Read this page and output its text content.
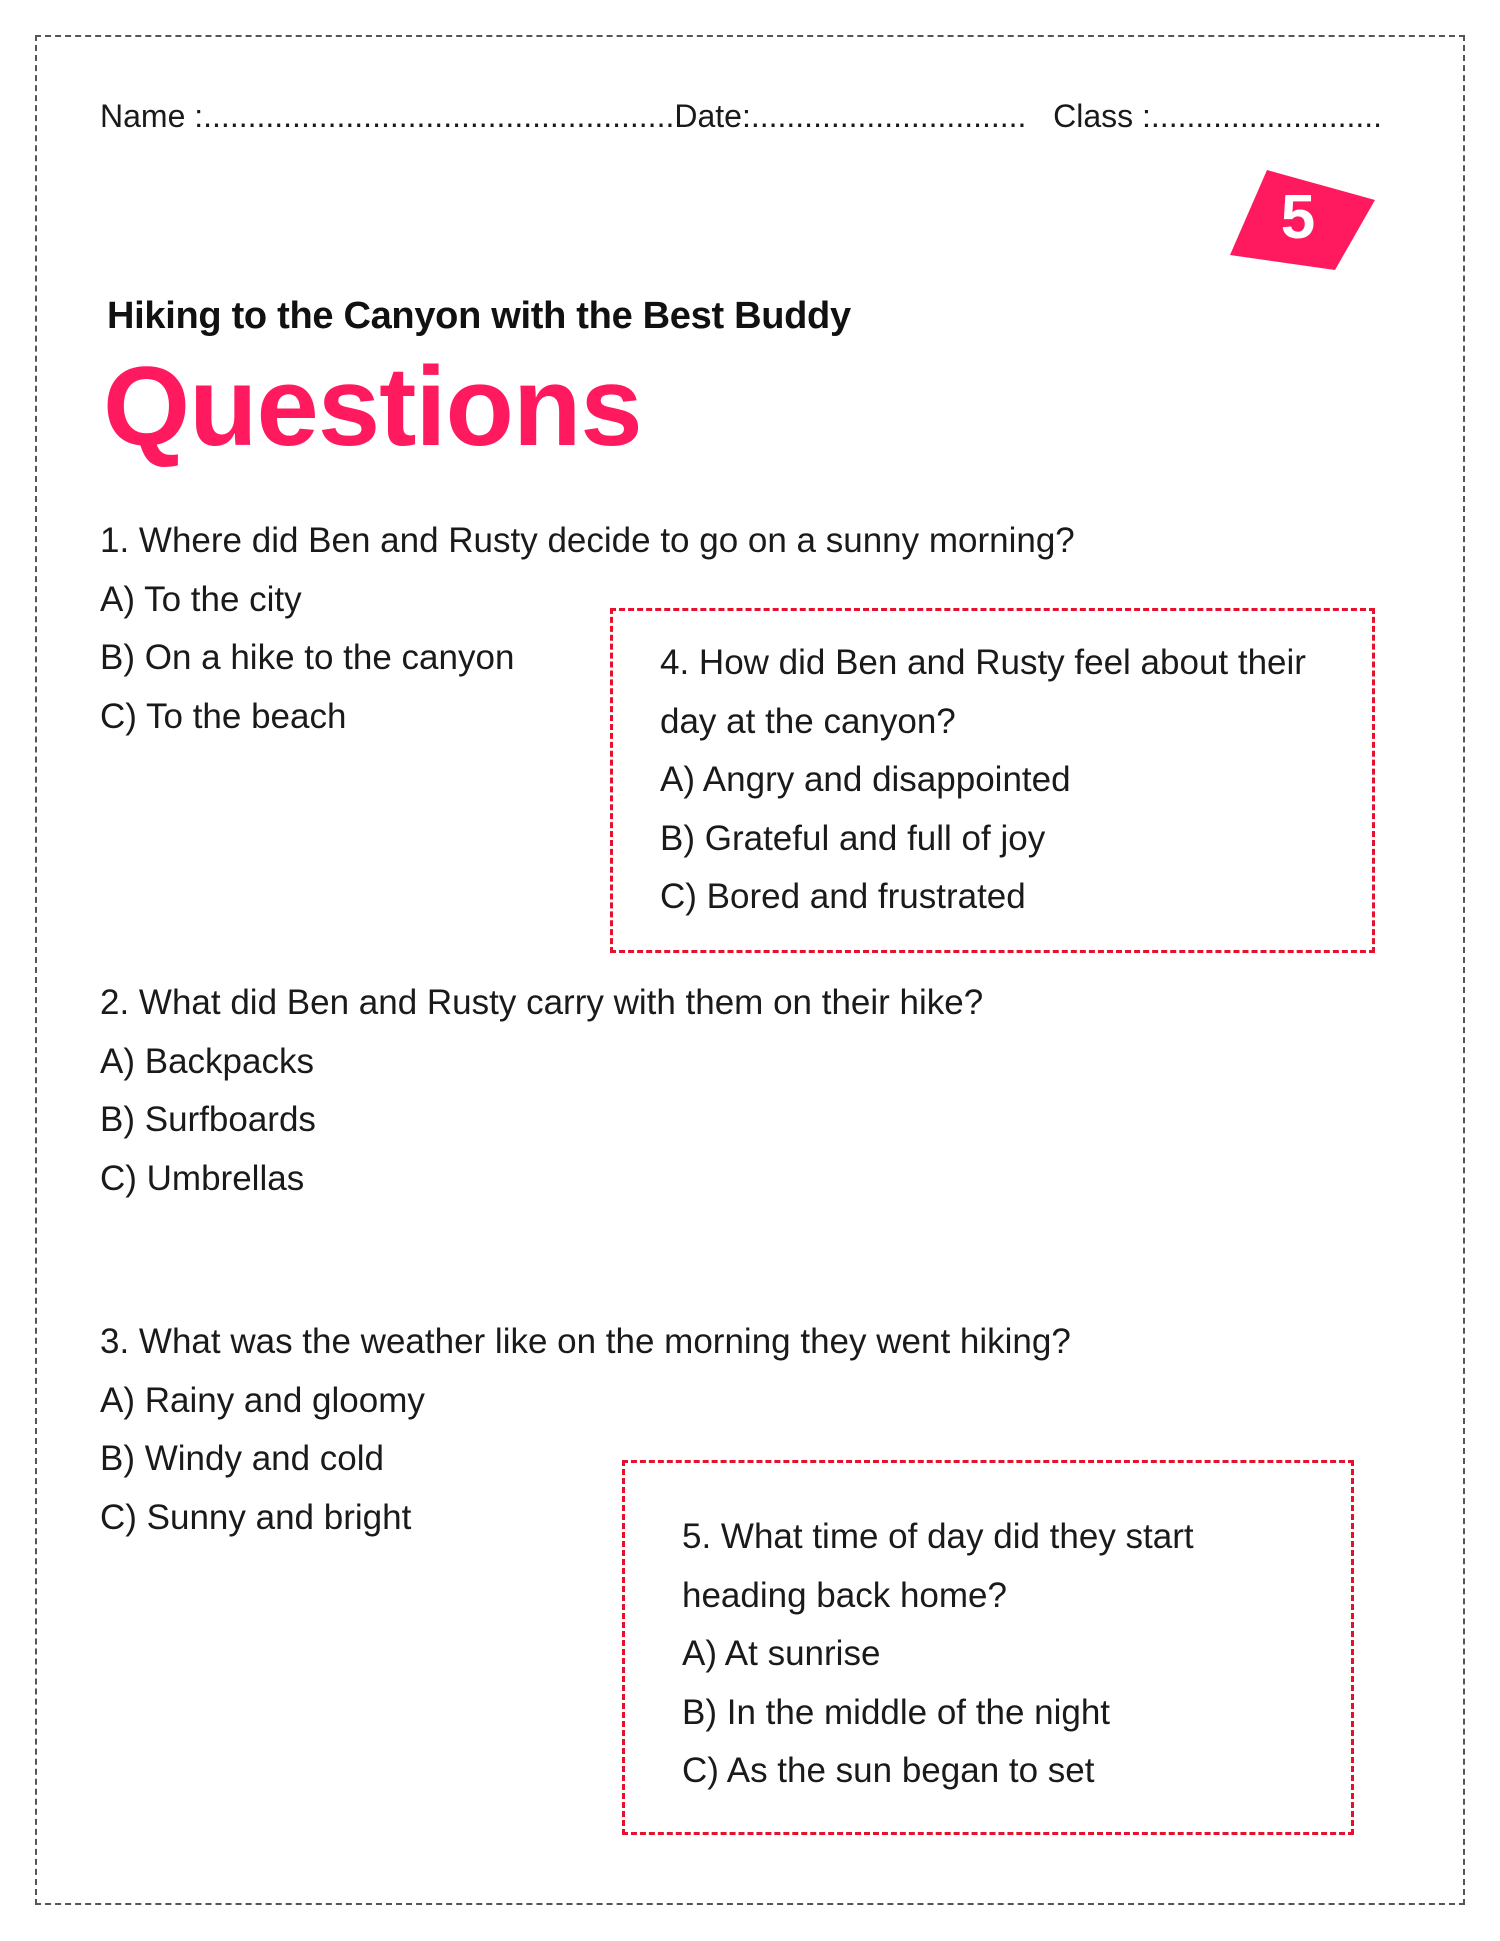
Name :.....................................................Date:............................... Class :..........................
5
Hiking to the Canyon with the Best Buddy
Questions
1. Where did Ben and Rusty decide to go on a sunny morning?
A) To the city
B) On a hike to the canyon
C) To the beach
4. How did Ben and Rusty feel about their
day at the canyon?
A) Angry and disappointed
B) Grateful and full of joy
C) Bored and frustrated
2. What did Ben and Rusty carry with them on their hike?
A) Backpacks
B) Surfboards
C) Umbrellas
3. What was the weather like on the morning they went hiking?
A) Rainy and gloomy
B) Windy and cold
C) Sunny and bright	5. What time of day did they start
heading back home?
A) At sunrise
B) In the middle of the night
C) As the sun began to set
